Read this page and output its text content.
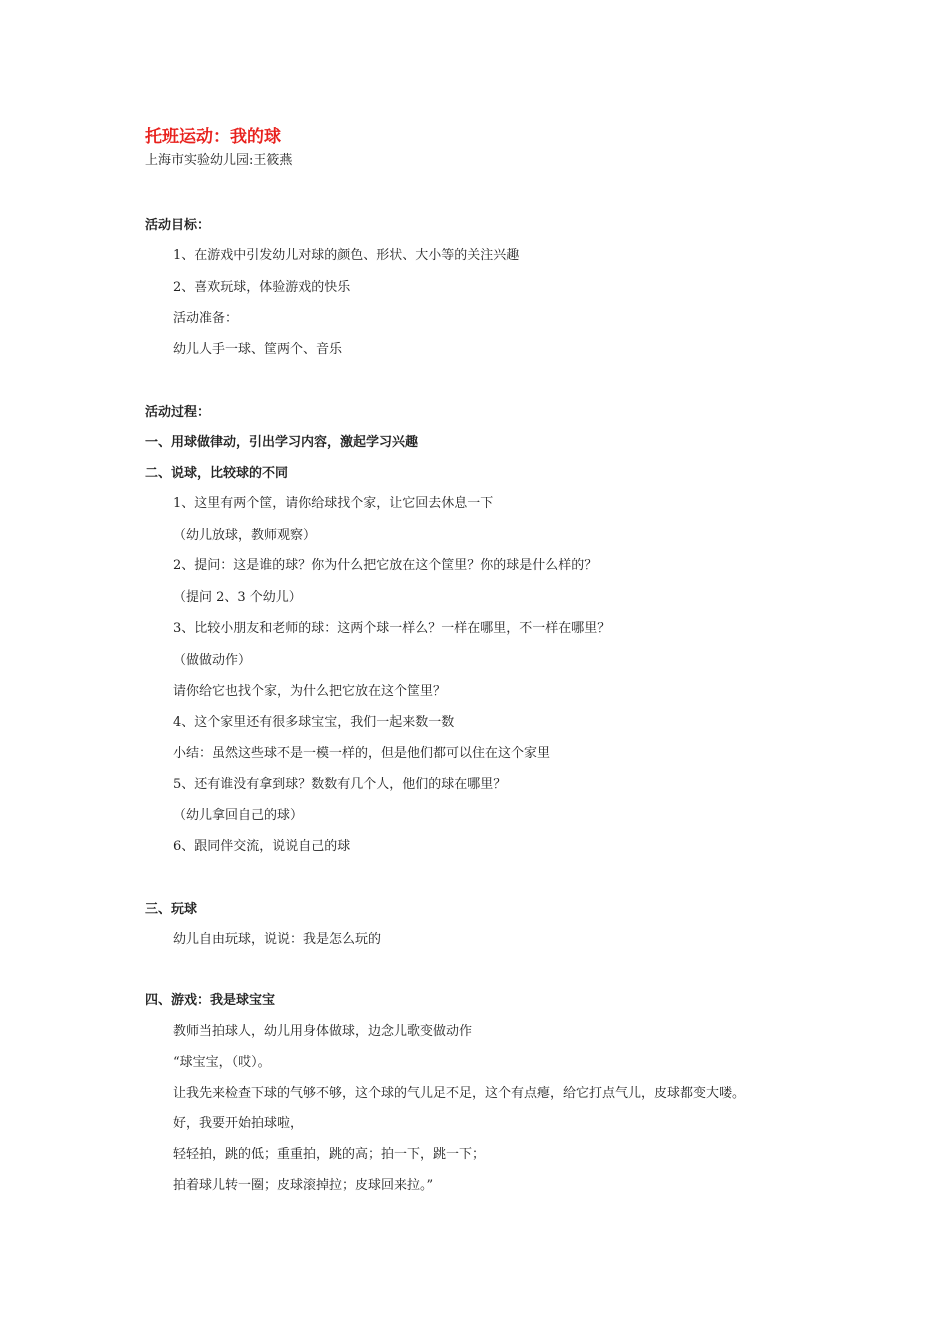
托班运动：我的球
上海市实验幼儿园:王筱燕
活动目标：
1、在游戏中引发幼儿对球的颜色、形状、大小等的关注兴趣
2、喜欢玩球，体验游戏的快乐
活动准备：
幼儿人手一球、筐两个、音乐
活动过程：
一、用球做律动，引出学习内容，激起学习兴趣
二、说球，比较球的不同
1、这里有两个筐，请你给球找个家，让它回去休息一下
（幼儿放球，教师观察）
2、提问：这是谁的球？你为什么把它放在这个筐里？你的球是什么样的？
（提问 2、3 个幼儿）
3、比较小朋友和老师的球：这两个球一样么？一样在哪里，不一样在哪里？
（做做动作）
请你给它也找个家，为什么把它放在这个筐里？
4、这个家里还有很多球宝宝，我们一起来数一数
小结：虽然这些球不是一模一样的，但是他们都可以住在这个家里
5、还有谁没有拿到球？数数有几个人，他们的球在哪里？
（幼儿拿回自己的球）
6、跟同伴交流，说说自己的球
三、玩球
幼儿自由玩球，说说：我是怎么玩的
四、游戏：我是球宝宝
教师当拍球人，幼儿用身体做球，边念儿歌变做动作
“球宝宝，（哎）。
让我先来检查下球的气够不够，这个球的气儿足不足，这个有点瘪，给它打点气儿，皮球都变大喽。
好，我要开始拍球啦，
轻轻拍，跳的低；重重拍，跳的高；拍一下，跳一下；
拍着球儿转一圈；皮球滚掉拉；皮球回来拉。”
